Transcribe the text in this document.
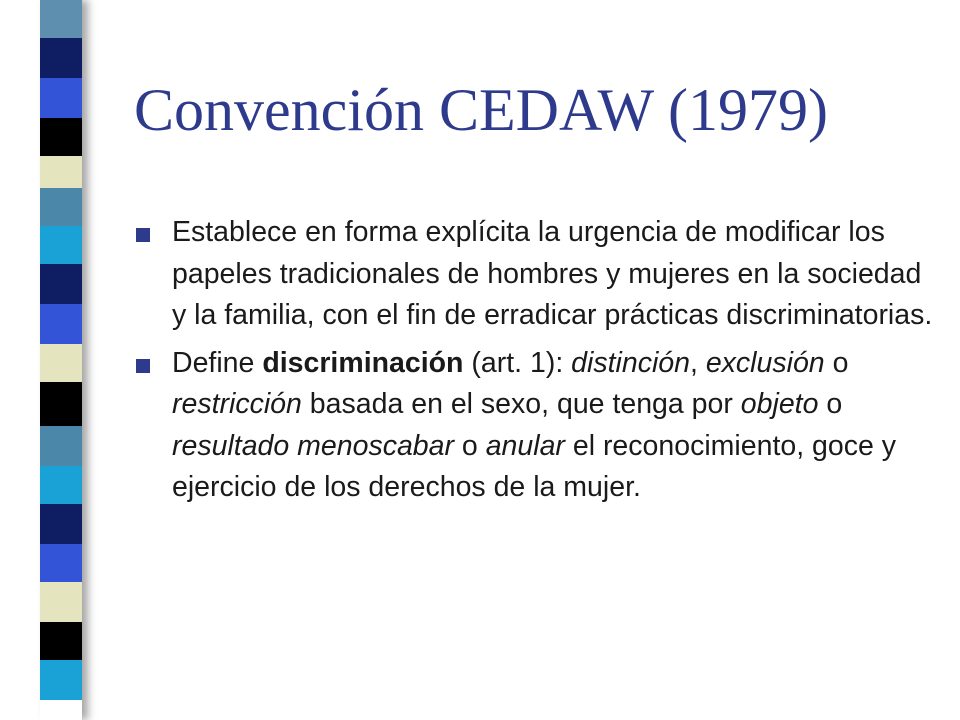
Convención CEDAW (1979)
Establece en forma explícita la urgencia de modificar los papeles tradicionales de hombres y mujeres en la sociedad y la familia, con el fin de erradicar prácticas discriminatorias.
Define discriminación (art. 1): distinción, exclusión o restricción basada en el sexo, que tenga por objeto o resultado menoscabar o anular el reconocimiento, goce y ejercicio de los derechos de la mujer.
